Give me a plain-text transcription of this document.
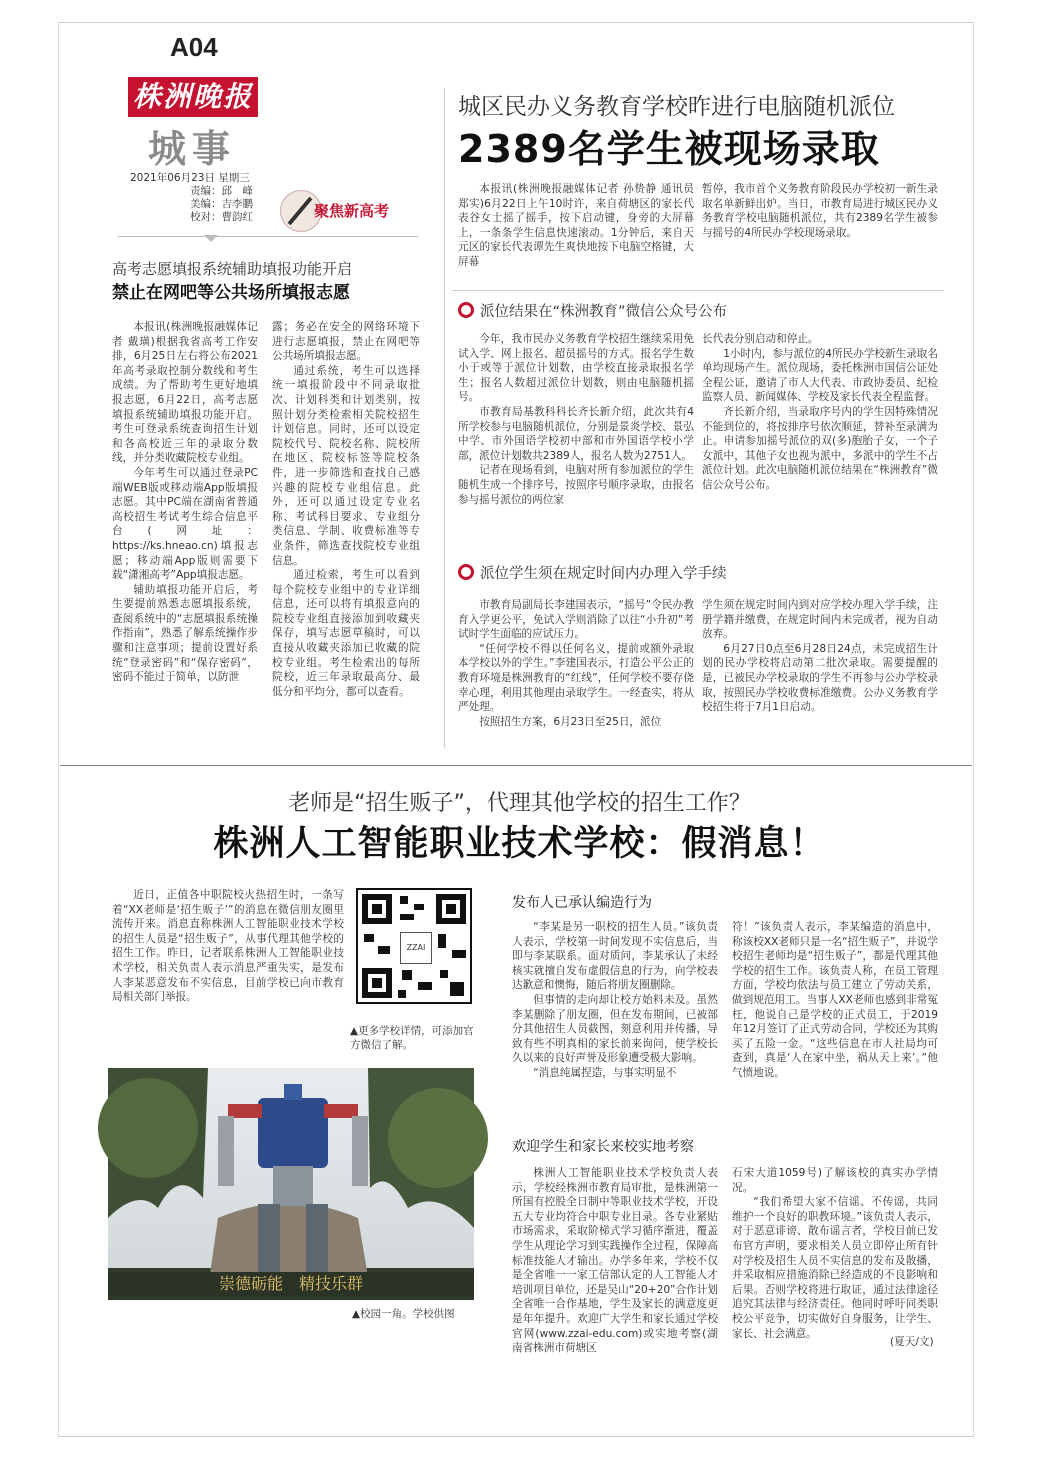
A04
株洲晚报
城事
2021年06月23日 星期三
责编：邱　峰
美编：吉李鹏
校对：曹韵红	聚焦新高考
城区民办义务教育学校昨进行电脑随机派位
2389名学生被现场录取

本报讯(株洲晚报融媒体记者 孙贽静 通讯员 郑实)6月22日上午10时许，来自荷塘区的家长代表谷女士摇了摇手，按下启动键，身旁的大屏幕上，一条条学生信息快速滚动。1分钟后，来自天元区的家长代表谭先生爽快地按下电脑空格键，大屏幕

暂停，我市首个义务教育阶段民办学校初一新生录取名单新鲜出炉。当日，市教育局进行城区民办义务教育学校电脑随机派位，共有2389名学生被参与摇号的4所民办学校现场录取。

派位结果在“株洲教育”微信公众号公布

今年，我市民办义务教育学校招生继续采用免试入学、网上报名、超员摇号的方式。报名学生数小于或等于派位计划数，由学校直接录取报名学生；报名人数超过派位计划数，则由电脑随机摇号。

市教育局基教科科长齐长新介绍，此次共有4所学校参与电脑随机派位，分别是景炎学校、景弘中学、市外国语学校初中部和市外国语学校小学部，派位计划数共2389人，报名人数为2751人。

记者在现场看到，电脑对所有参加派位的学生随机生成一个排序号，按照序号顺序录取，由报名参与摇号派位的两位家

长代表分别启动和停止。

1小时内，参与派位的4所民办学校新生录取名单均现场产生。派位现场，委托株洲市国信公证处全程公证，邀请了市人大代表、市政协委员、纪检监察人员、新闻媒体、学校及家长代表全程监督。

齐长新介绍，当录取序号内的学生因特殊情况不能到位的，将按排序号依次顺延，替补至录满为止。申请参加摇号派位的双(多)胞胎子女，一个子女派中，其他子女也视为派中，多派中的学生不占派位计划。此次电脑随机派位结果在“株洲教育”微信公众号公布。

派位学生须在规定时间内办理入学手续

市教育局副局长李建国表示，“摇号”令民办教育入学更公平，免试入学则消除了以往“小升初”考试时学生面临的应试压力。

“任何学校不得以任何名义，提前或额外录取本学校以外的学生。”李建国表示，打造公平公正的教育环境是株洲教育的“红线”，任何学校不要存侥幸心理，利用其他理由录取学生。一经查实，将从严处理。

按照招生方案，6月23日至25日，派位

学生须在规定时间内到对应学校办理入学手续，注册学籍并缴费，在规定时间内未完成者，视为自动放弃。

6月27日0点至6月28日24点，未完成招生计划的民办学校将启动第二批次录取。需要提醒的是，已被民办学校录取的学生不再参与公办学校录取，按照民办学校收费标准缴费。公办义务教育学校招生将于7月1日启动。

高考志愿填报系统辅助填报功能开启
禁止在网吧等公共场所填报志愿

本报讯(株洲晚报融媒体记者 戴璜)根据我省高考工作安排，6月25日左右将公布2021年高考录取控制分数线和考生成绩。为了帮助考生更好地填报志愿，6月22日，高考志愿填报系统辅助填报功能开启。考生可登录系统查询招生计划和各高校近三年的录取分数线，并分类收藏院校专业组。

今年考生可以通过登录PC端WEB版或移动端App版填报志愿。其中PC端在湖南省普通高校招生考试考生综合信息平台(网址：https://ks.hneao.cn)填报志愿；移动端App版则需要下载“潇湘高考”App填报志愿。

辅助填报功能开启后，考生要提前熟悉志愿填报系统，查阅系统中的“志愿填报系统操作指南”，熟悉了解系统操作步骤和注意事项；提前设置好系统“登录密码”和“保存密码”，密码不能过于简单，以防泄

露；务必在安全的网络环境下进行志愿填报，禁止在网吧等公共场所填报志愿。

通过系统，考生可以选择统一填报阶段中不同录取批次、计划科类和计划类别，按照计划分类检索相关院校招生计划信息。同时，还可以设定院校代号、院校名称、院校所在地区、院校标签等院校条件，进一步筛选和查找自己感兴趣的院校专业组信息。此外，还可以通过设定专业名称、考试科目要求、专业组分类信息、学制、收费标准等专业条件，筛选查找院校专业组信息。

通过检索，考生可以看到每个院校专业组中的专业详细信息，还可以将有填报意向的院校专业组直接添加到收藏夹保存，填写志愿草稿时，可以直接从收藏夹添加已收藏的院校专业组。考生检索出的每所院校，近三年录取最高分、最低分和平均分，都可以查看。

老师是“招生贩子”，代理其他学校的招生工作？
株洲人工智能职业技术学校：假消息！

近日，正值各中职院校火热招生时，一条写着“XX老师是‘招生贩子’”的消息在微信朋友圈里流传开来。消息直称株洲人工智能职业技术学校的招生人员是“招生贩子”，从事代理其他学校的招生工作。昨日，记者联系株洲人工智能职业技术学校，相关负责人表示消息严重失实，是发布人李某恶意发布不实信息，目前学校已向市教育局相关部门举报。

ZZAI
▲更多学校详情，可添加官方微信了解。
崇德砺能　精技乐群
▲校园一角。学校供图
发布人已承认编造行为

“李某是另一职校的招生人员。”该负责人表示，学校第一时间发现不实信息后，当即与李某联系。面对质问，李某承认了未经核实就擅自发布虚假信息的行为，向学校表达歉意和懊悔，随后将朋友圈删除。

但事情的走向却让校方始料未及。虽然李某删除了朋友圈，但在发布期间，已被部分其他招生人员截图，刻意利用并传播，导致有些不明真相的家长前来询问，使学校长久以来的良好声誉及形象遭受极大影响。

“消息纯属捏造，与事实明显不

符！”该负责人表示，李某编造的消息中，称该校XX老师只是一名“招生贩子”，并说学校招生老师均是“招生贩子”，都是代理其他学校的招生工作。该负责人称，在员工管理方面，学校均依法与员工建立了劳动关系，做到规范用工。当事人XX老师也感到非常冤枉，他说自己是学校的正式员工，于2019年12月签订了正式劳动合同，学校还为其购买了五险一金。“这些信息在市人社局均可查到，真是‘人在家中坐，祸从天上来’。”他气愤地说。

欢迎学生和家长来校实地考察

株洲人工智能职业技术学校负责人表示，学校经株洲市教育局审批，是株洲第一所国有控股全日制中等职业技术学校，开设五大专业均符合中职专业目录。各专业紧贴市场需求，采取阶梯式学习循序渐进，覆盖学生从理论学习到实践操作全过程，保障高标准技能人才输出。办学多年来，学校不仅是全省唯一一家工信部认定的人工智能人才培训项目单位，还是吴山“20+20”合作计划全省唯一合作基地，学生及家长的满意度更是年年提升。欢迎广大学生和家长通过学校官网(www.zzai-edu.com)或实地考察(湖南省株洲市荷塘区

石宋大道1059号)了解该校的真实办学情况。

“我们希望大家不信谣、不传谣，共同维护一个良好的职教环境。”该负责人表示，对于恶意诽谤、散布谣言者，学校目前已发布官方声明，要求相关人员立即停止所有针对学校及招生人员不实信息的发布及散播，并采取相应措施消除已经造成的不良影响和后果。否则学校将进行取证，通过法律途径追究其法律与经济责任。他同时呼吁同类职校公平竞争，切实做好自身服务，让学生、家长、社会满意。

(夏天/文)
